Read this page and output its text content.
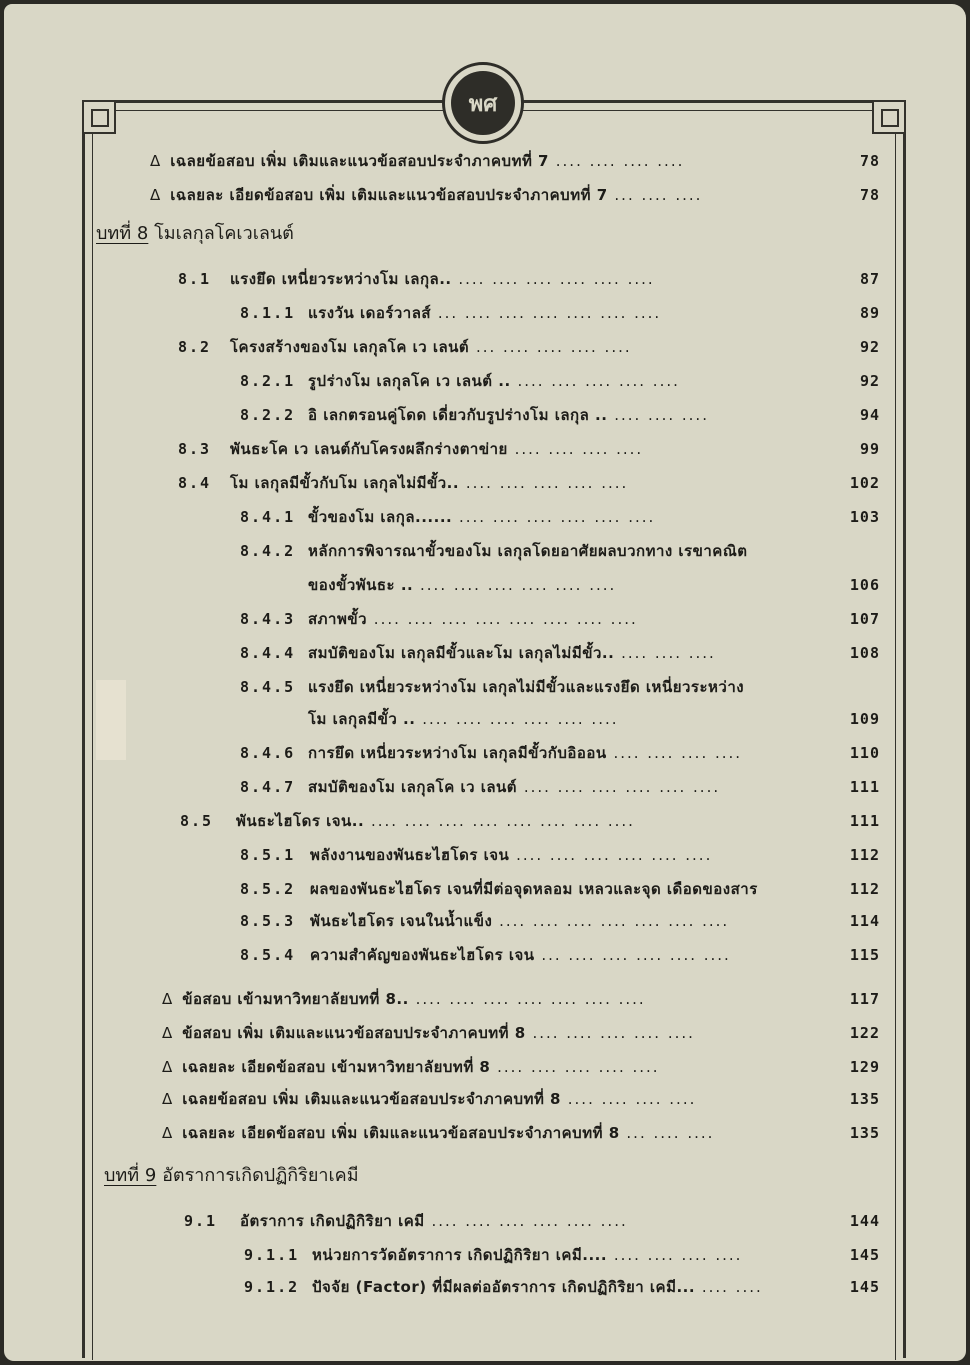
พศ
Δ เฉลยข้อสอบ เพิ่ม เติมและแนวข้อสอบประจำภาคบทที่ 7 .... .... .... ....	78
Δ เฉลยละ เอียดข้อสอบ เพิ่ม เติมและแนวข้อสอบประจำภาคบทที่ 7 ... .... ....	78
บทที่ 8 โมเลกุลโคเวเลนต์
8.1 แรงยึด เหนี่ยวระหว่างโม เลกุล.. .... .... .... .... .... ....	87
8.1.1 แรงวัน เดอร์วาลส์ ... .... .... .... .... .... ....	89
8.2 โครงสร้างของโม เลกุลโค เว เลนต์ ... .... .... .... ....	92
8.2.1 รูปร่างโม เลกุลโค เว เลนต์ .. .... .... .... .... ....	92
8.2.2 อิ เลกตรอนคู่โดด เดี่ยวกับรูปร่างโม เลกุล .. .... .... ....	94
8.3 พันธะโค เว เลนต์กับโครงผลึกร่างตาข่าย .... .... .... ....	99
8.4 โม เลกุลมีขั้วกับโม เลกุลไม่มีขั้ว.. .... .... .... .... ....	102
8.4.1 ขั้วของโม เลกุล...... .... .... .... .... .... ....	103
8.4.2 หลักการพิจารณาขั้วของโม เลกุลโดยอาศัยผลบวกทาง เรขาคณิต
ของขั้วพันธะ .. .... .... .... .... .... ....	106
8.4.3 สภาพขั้ว .... .... .... .... .... .... .... ....	107
8.4.4 สมบัติของโม เลกุลมีขั้วและโม เลกุลไม่มีขั้ว.. .... .... ....	108
8.4.5 แรงยึด เหนี่ยวระหว่างโม เลกุลไม่มีขั้วและแรงยึด เหนี่ยวระหว่าง
โม เลกุลมีขั้ว .. .... .... .... .... .... ....	109
8.4.6 การยึด เหนี่ยวระหว่างโม เลกุลมีขั้วกับอิออน .... .... .... ....	110
8.4.7 สมบัติของโม เลกุลโค เว เลนต์ .... .... .... .... .... ....	111
8.5 พันธะไฮโดร เจน.. .... .... .... .... .... .... .... ....	111
8.5.1 พลังงานของพันธะไฮโดร เจน .... .... .... .... .... ....	112
8.5.2 ผลของพันธะไฮโดร เจนที่มีต่อจุดหลอม เหลวและจุด เดือดของสาร	112
8.5.3 พันธะไฮโดร เจนในน้ำแข็ง .... .... .... .... .... .... ....	114
8.5.4 ความสำคัญของพันธะไฮโดร เจน ... .... .... .... .... ....	115
Δ ข้อสอบ เข้ามหาวิทยาลัยบทที่ 8.. .... .... .... .... .... .... ....	117
Δ ข้อสอบ เพิ่ม เติมและแนวข้อสอบประจำภาคบทที่ 8 .... .... .... .... ....	122
Δ เฉลยละ เอียดข้อสอบ เข้ามหาวิทยาลัยบทที่ 8 .... .... .... .... ....	129
Δ เฉลยข้อสอบ เพิ่ม เติมและแนวข้อสอบประจำภาคบทที่ 8 .... .... .... ....	135
Δ เฉลยละ เอียดข้อสอบ เพิ่ม เติมและแนวข้อสอบประจำภาคบทที่ 8 ... .... ....	135
บทที่ 9 อัตราการเกิดปฏิกิริยาเคมี
9.1 อัตราการ เกิดปฏิกิริยา เคมี .... .... .... .... .... ....	144
9.1.1 หน่วยการวัดอัตราการ เกิดปฏิกิริยา เคมี.... .... .... .... ....	145
9.1.2 ปัจจัย (Factor) ที่มีผลต่ออัตราการ เกิดปฏิกิริยา เคมี... .... ....	145
